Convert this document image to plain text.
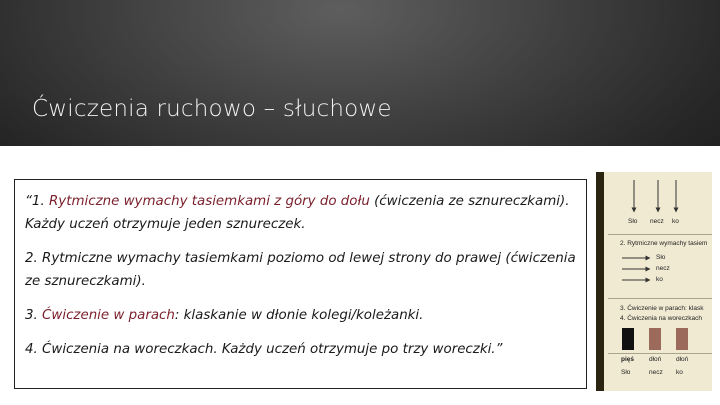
Ćwiczenia ruchowo – słuchowe

“1. Rytmiczne wymachy tasiemkami z góry do dołu (ćwiczenia ze sznureczkami). Każdy uczeń otrzymuje jeden sznureczek.

2. Rytmiczne wymachy tasiemkami poziomo od lewej strony do prawej (ćwiczenia ze sznureczkami).

3. Ćwiczenie w parach: klaskanie w dłonie kolegi/koleżanki.

4. Ćwiczenia na woreczkach. Każdy uczeń otrzymuje po trzy woreczki.”

Sło necz ko
2. Rytmiczne wymachy tasiem
Sło
necz
ko
3. Ćwiczenie w parach: klask
4. Ćwiczenia na woreczkach
pięś dłoń dłoń
Sło	necz ko
